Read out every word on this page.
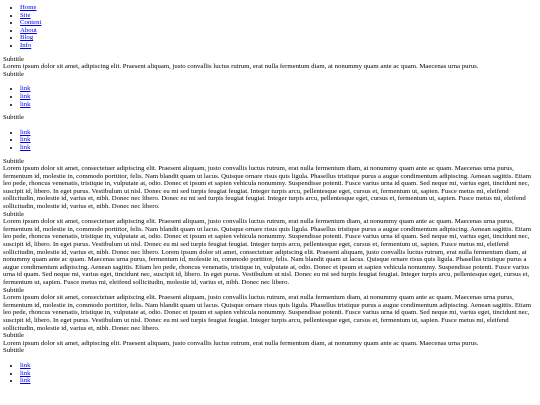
• Home
• Site
• Content
• About
• Blog
• Info
Subtitle

Lorem ipsum dolor sit amet, adipiscing elit. Praesent aliquam, justo convallis luctus rutrum, erat nulla fermentum diam, at nonummy quam ante ac quam. Maecenas urna purus.

Subtitle
• link
• link
• link
Subtitle
• link
• link
• link
Subtitle

Lorem ipsum dolor sit amet, consectetuer adipiscing elit. Praesent aliquam, justo convallis luctus rutrum, erat nulla fermentum diam, at nonummy quam ante ac quam. Maecenas urna purus, fermentum id, molestie in, commodo porttitor, felis. Nam blandit quam ut lacus. Quisque ornare risus quis ligula. Phasellus tristique purus a augue condimentum adipiscing. Aenean sagittis. Etiam leo pede, rhoncus venenatis, tristique in, vulputate at, odio. Donec et ipsum et sapien vehicula nonummy. Suspendisse potenti. Fusce varius urna id quam. Sed neque mi, varius eget, tincidunt nec, suscipit id, libero. In eget purus. Vestibulum ut nisl. Donec eu mi sed turpis feugiat feugiat. Integer turpis arcu, pellentesque eget, cursus et, fermentum ut, sapien. Fusce metus mi, eleifend sollicitudin, molestie id, varius et, nibh. Donec nec libero. Donec eu mi sed turpis feugiat feugiat. Integer turpis arcu, pellentesque eget, cursus et, fermentum ut, sapien. Fusce metus mi, eleifend sollicitudin, molestie id, varius et, nibh. Donec nec libero.

Subtitle

Lorem ipsum dolor sit amet, consectetuer adipiscing elit. Praesent aliquam, justo convallis luctus rutrum, erat nulla fermentum diam, at nonummy quam ante ac quam. Maecenas urna purus, fermentum id, molestie in, commodo porttitor, felis. Nam blandit quam ut lacus. Quisque ornare risus quis ligula. Phasellus tristique purus a augue condimentum adipiscing. Aenean sagittis. Etiam leo pede, rhoncus venenatis, tristique in, vulputate at, odio. Donec et ipsum et sapien vehicula nonummy. Suspendisse potenti. Fusce varius urna id quam. Sed neque mi, varius eget, tincidunt nec, suscipit id, libero. In eget purus. Vestibulum ut nisl. Donec eu mi sed turpis feugiat feugiat. Integer turpis arcu, pellentesque eget, cursus et, fermentum ut, sapien. Fusce metus mi, eleifend sollicitudin, molestie id, varius et, nibh. Donec nec libero. Lorem ipsum dolor sit amet, consectetuer adipiscing elit. Praesent aliquam, justo convallis luctus rutrum, erat nulla fermentum diam, at nonummy quam ante ac quam. Maecenas urna purus, fermentum id, molestie in, commodo porttitor, felis. Nam blandit quam ut lacus. Quisque ornare risus quis ligula. Phasellus tristique purus a augue condimentum adipiscing. Aenean sagittis. Etiam leo pede, rhoncus venenatis, tristique in, vulputate at, odio. Donec et ipsum et sapien vehicula nonummy. Suspendisse potenti. Fusce varius urna id quam. Sed neque mi, varius eget, tincidunt nec, suscipit id, libero. In eget purus. Vestibulum ut nisl. Donec eu mi sed turpis feugiat feugiat. Integer turpis arcu, pellentesque eget, cursus et, fermentum ut, sapien. Fusce metus mi, eleifend sollicitudin, molestie id, varius et, nibh. Donec nec libero.

Subtitle

Lorem ipsum dolor sit amet, consectetuer adipiscing elit. Praesent aliquam, justo convallis luctus rutrum, erat nulla fermentum diam, at nonummy quam ante ac quam. Maecenas urna purus, fermentum id, molestie in, commodo porttitor, felis. Nam blandit quam ut lacus. Quisque ornare risus quis ligula. Phasellus tristique purus a augue condimentum adipiscing. Aenean sagittis. Etiam leo pede, rhoncus venenatis, tristique in, vulputate at, odio. Donec et ipsum et sapien vehicula nonummy. Suspendisse potenti. Fusce varius urna id quam. Sed neque mi, varius eget, tincidunt nec, suscipit id, libero. In eget purus. Vestibulum ut nisl. Donec eu mi sed turpis feugiat feugiat. Integer turpis arcu, pellentesque eget, cursus et, fermentum ut, sapien. Fusce metus mi, eleifend sollicitudin, molestie id, varius et, nibh. Donec nec libero.

Subtitle

Lorem ipsum dolor sit amet, adipiscing elit. Praesent aliquam, justo convallis luctus rutrum, erat nulla fermentum diam, at nonummy quam ante ac quam. Maecenas urna purus.

Subtitle
• link
• link
• link
